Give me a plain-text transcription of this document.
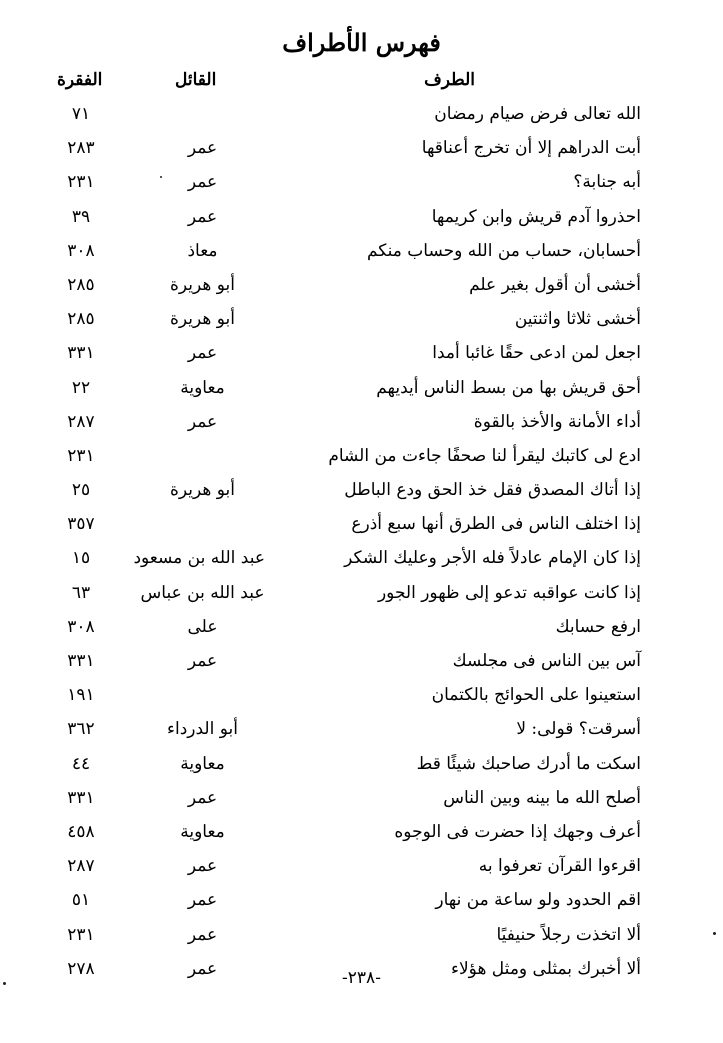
فهرس الأطراف
الطرف
القائل
الفقرة
الله تعالى فرض صيام رمضان
٧١
أبت الدراهم إلا أن تخرج أعناقها
عمر
٢٨٣
أبه جنابة؟
عمر
٢٣١
احذروا آدم قريش وابن كريمها
عمر
٣٩
أحسابان، حساب من الله وحساب منكم
معاذ
٣٠٨
أخشى أن أقول بغير علم
أبو هريرة
٢٨٥
أخشى ثلاثا واثنتين
أبو هريرة
٢٨٥
اجعل لمن ادعى حقًا غائبا أمدا
عمر
٣٣١
أحق قريش بها من بسط الناس أيديهم
معاوية
٢٢
أداء الأمانة والأخذ بالقوة
عمر
٢٨٧
ادع لى كاتبك ليقرأ لنا صحفًا جاءت من الشام
٢٣١
إذا أتاك المصدق فقل خذ الحق ودع الباطل
أبو هريرة
٢٥
إذا اختلف الناس فى الطرق أنها سبع أذرع
٣٥٧
إذا كان الإمام عادلاً فله الأجر وعليك الشكر
عبد الله بن مسعود
١٥
إذا كانت عواقبه تدعو إلى ظهور الجور
عبد الله بن عباس
٦٣
ارفع حسابك
على
٣٠٨
آس بين الناس فى مجلسك
عمر
٣٣١
استعينوا على الحوائج بالكتمان
١٩١
أسرقت؟ قولى: لا
أبو الدرداء
٣٦٢
اسكت ما أدرك صاحبك شيئًا قط
معاوية
٤٤
أصلح الله ما بينه وبين الناس
عمر
٣٣١
أعرف وجهك إذا حضرت فى الوجوه
معاوية
٤٥٨
اقرءوا القرآن تعرفوا به
عمر
٢٨٧
اقم الحدود ولو ساعة من نهار
عمر
٥١
ألا اتخذت رجلاً حنيفيًا
عمر
٢٣١
ألا أخبرك بمثلى ومثل هؤلاء
عمر
٢٧٨	-٢٣٨-
